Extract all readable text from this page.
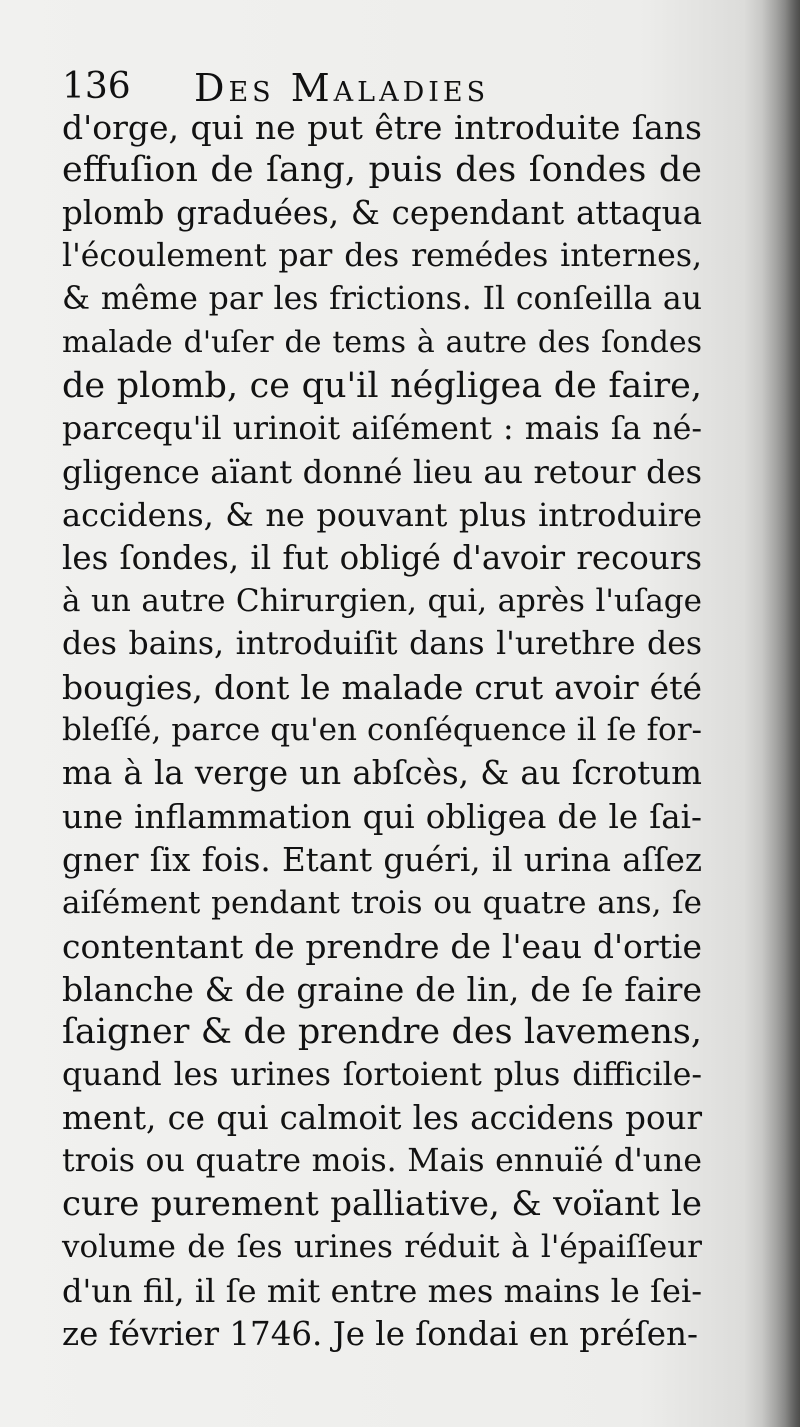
136 Des Maladies
d'orge, qui ne put être introduite ſans
effuſion de ſang, puis des ſondes de
plomb graduées, & cependant attaqua
l'écoulement par des remédes internes,
& même par les frictions. Il conſeilla au
malade d'uſer de tems à autre des ſondes
de plomb, ce qu'il négligea de faire,
parcequ'il urinoit aiſément : mais ſa né-
gligence aïant donné lieu au retour des
accidens, & ne pouvant plus introduire
les ſondes, il fut obligé d'avoir recours
à un autre Chirurgien, qui, après l'uſage
des bains, introduiſit dans l'urethre des
bougies, dont le malade crut avoir été
bleſſé, parce qu'en conſéquence il ſe for-
ma à la verge un abſcès, & au ſcrotum
une inflammation qui obligea de le ſai-
gner ſix fois. Etant guéri, il urina aſſez
aiſément pendant trois ou quatre ans, ſe
contentant de prendre de l'eau d'ortie
blanche & de graine de lin, de ſe faire
ſaigner & de prendre des lavemens,
quand les urines ſortoient plus difficile-
ment, ce qui calmoit les accidens pour
trois ou quatre mois. Mais ennuïé d'une
cure purement palliative, & voïant le
volume de ſes urines réduit à l'épaiſſeur
d'un fil, il ſe mit entre mes mains le ſei-
ze février 1746. Je le ſondai en préſen-
